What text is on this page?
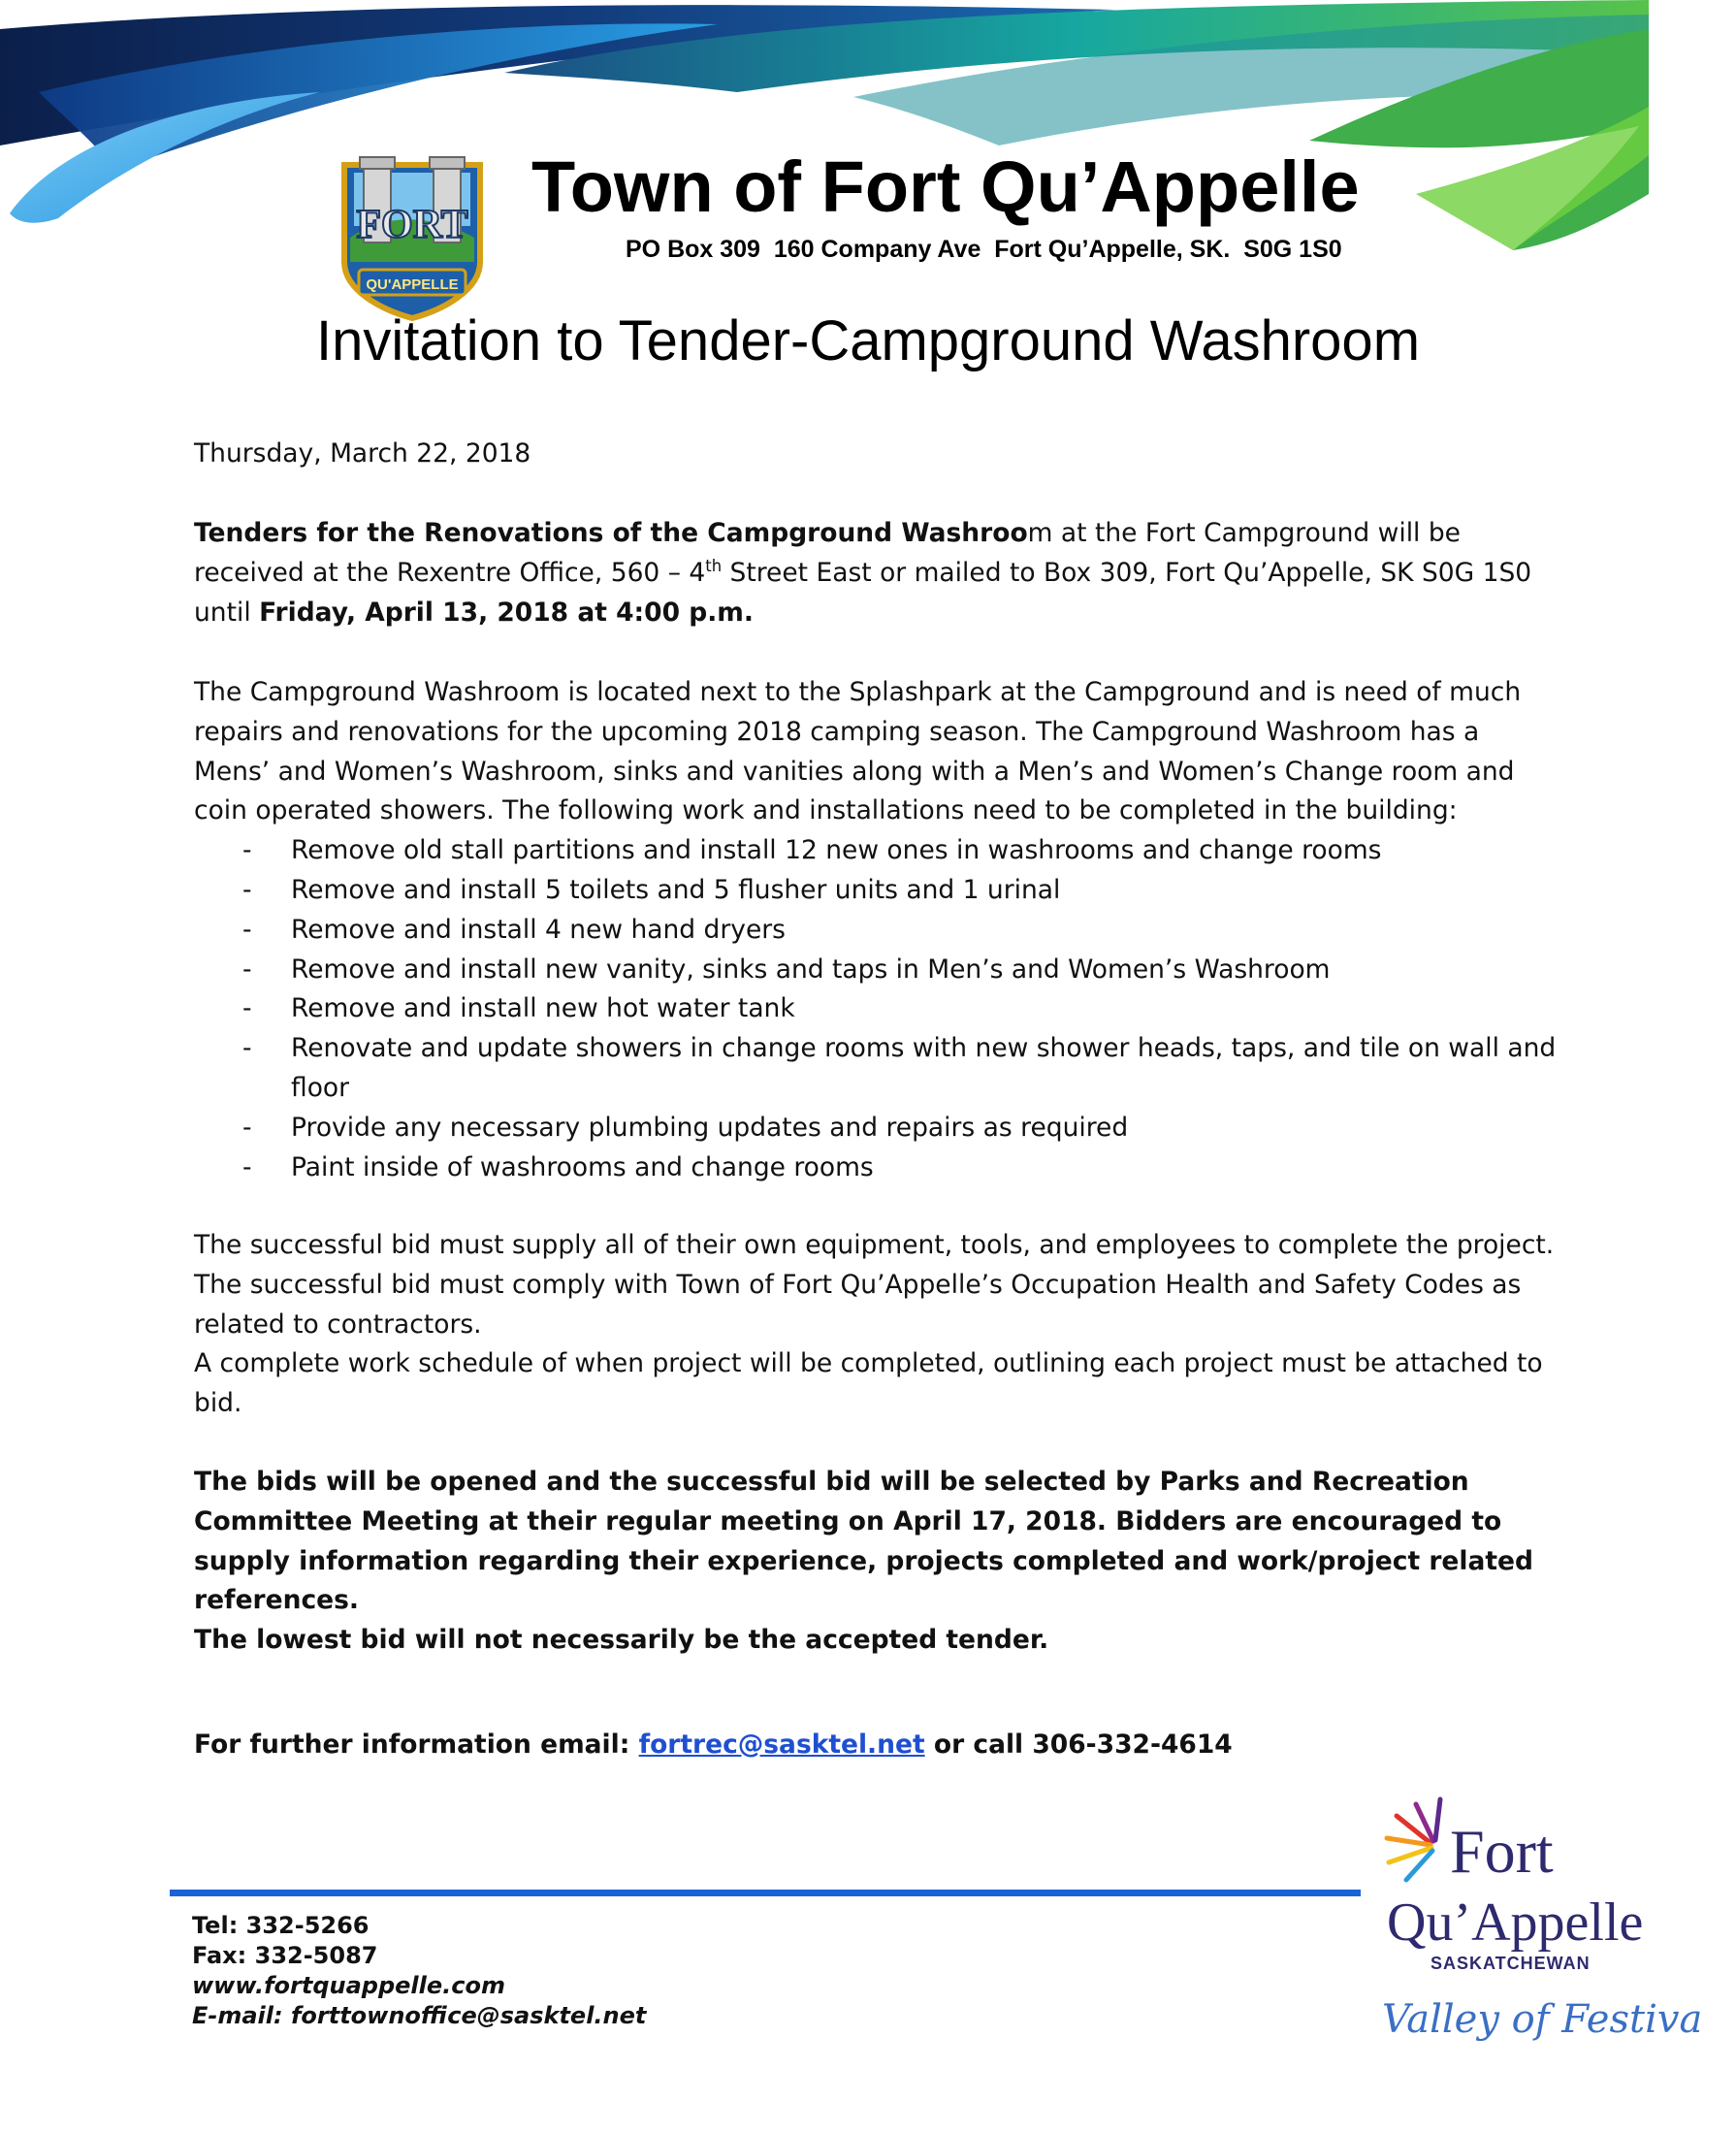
FORT
QU'APPELLE
Town of Fort Qu’Appelle
PO Box 309  160 Company Ave  Fort Qu’Appelle, SK.  S0G 1S0
Invitation to Tender-Campground Washroom
Thursday, March 22, 2018

Tenders for the Renovations of the Campground Washroom at the Fort Campground will be received at the Rexentre Office, 560 – 4th Street East or mailed to Box 309, Fort Qu’Appelle, SK S0G 1S0 until Friday, April 13, 2018 at 4:00 p.m.

The Campground Washroom is located next to the Splashpark at the Campground and is need of much repairs and renovations for the upcoming 2018 camping season. The Campground Washroom has a Mens’ and Women’s Washroom, sinks and vanities along with a Men’s and Women’s Change room and coin operated showers. The following work and installations need to be completed in the building:

- Remove old stall partitions and install 12 new ones in washrooms and change rooms
- Remove and install 5 toilets and 5 flusher units and 1 urinal
- Remove and install 4 new hand dryers
- Remove and install new vanity, sinks and taps in Men’s and Women’s Washroom
- Remove and install new hot water tank
- Renovate and update showers in change rooms with new shower heads, taps, and tile on wall and floor
- Provide any necessary plumbing updates and repairs as required
- Paint inside of washrooms and change rooms

The successful bid must supply all of their own equipment, tools, and employees to complete the project. The successful bid must comply with Town of Fort Qu’Appelle’s Occupation Health and Safety Codes as related to contractors.

A complete work schedule of when project will be completed, outlining each project must be attached to bid.

The bids will be opened and the successful bid will be selected by Parks and Recreation Committee Meeting at their regular meeting on April 17, 2018. Bidders are encouraged to supply information regarding their experience, projects completed and work/project related references.
The lowest bid will not necessarily be the accepted tender.
For further information email: fortrec@sasktel.net or call 306-332-4614
Tel: 332-5266
Fax: 332-5087
www.fortquappelle.com
E-mail: forttownoffice@sasktel.net
Fort
Qu’Appelle
SASKATCHEWAN
Valley of Festiva
